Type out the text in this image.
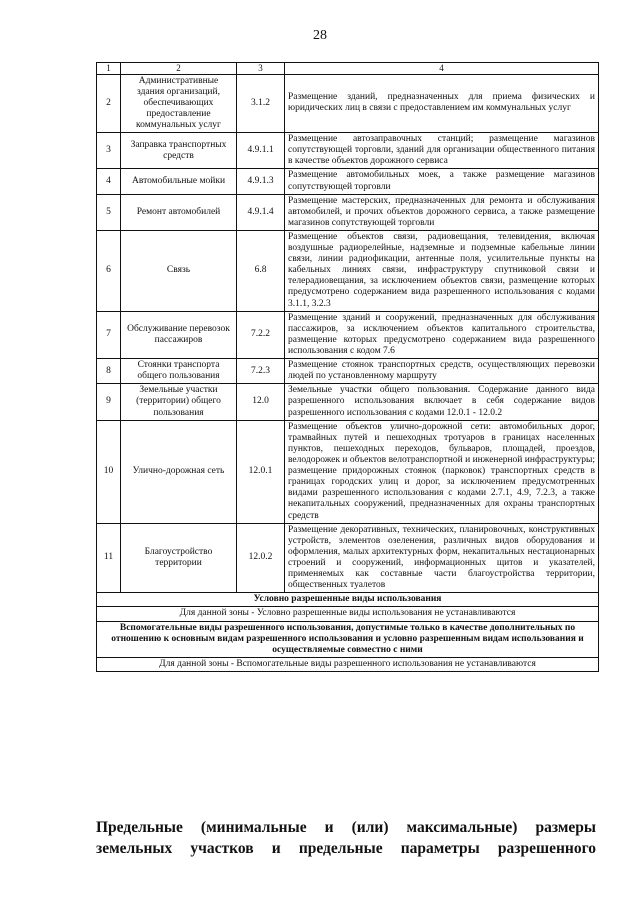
28
1	2	3	4
2	Административные здания организаций, обеспечивающих предоставление коммунальных услуг	3.1.2	Размещение зданий, предназначенных для приема физических и юридических лиц в связи с предоставлением им коммунальных услуг
3	Заправка транспортных средств	4.9.1.1	Размещение автозаправочных станций; размещение магазинов сопутствующей торговли, зданий для организации общественного питания в качестве объектов дорожного сервиса
4	Автомобильные мойки	4.9.1.3	Размещение автомобильных моек, а также размещение магазинов сопутствующей торговли
5	Ремонт автомобилей	4.9.1.4	Размещение мастерских, предназначенных для ремонта и обслуживания автомобилей, и прочих объектов дорожного сервиса, а также размещение магазинов сопутствующей торговли
6	Связь	6.8	Размещение объектов связи, радиовещания, телевидения, включая воздушные радиорелейные, надземные и подземные кабельные линии связи, линии радиофикации, антенные поля, усилительные пункты на кабельных линиях связи, инфраструктуру спутниковой связи и телерадиовещания, за исключением объектов связи, размещение которых предусмотрено содержанием вида разрешенного использования с кодами 3.1.1, 3.2.3
7	Обслуживание перевозок пассажиров	7.2.2	Размещение зданий и сооружений, предназначенных для обслуживания пассажиров, за исключением объектов капитального строительства, размещение которых предусмотрено содержанием вида разрешенного использования с кодом 7.6
8	Стоянки транспорта общего пользования	7.2.3	Размещение стоянок транспортных средств, осуществляющих перевозки людей по установленному маршруту
9	Земельные участки (территории) общего пользования	12.0	Земельные участки общего пользования. Содержание данного вида разрешенного использования включает в себя содержание видов разрешенного использования с кодами 12.0.1 - 12.0.2
10	Улично-дорожная сеть	12.0.1	Размещение объектов улично-дорожной сети: автомобильных дорог, трамвайных путей и пешеходных тротуаров в границах населенных пунктов, пешеходных переходов, бульваров, площадей, проездов, велодорожек и объектов велотранспортной и инженерной инфраструктуры; размещение придорожных стоянок (парковок) транспортных средств в границах городских улиц и дорог, за исключением предусмотренных видами разрешенного использования с кодами 2.7.1, 4.9, 7.2.3, а также некапитальных сооружений, предназначенных для охраны транспортных средств
11	Благоустройство территории	12.0.2	Размещение декоративных, технических, планировочных, конструктивных устройств, элементов озеленения, различных видов оборудования и оформления, малых архитектурных форм, некапитальных нестационарных строений и сооружений, информационных щитов и указателей, применяемых как составные части благоустройства территории, общественных туалетов
Условно разрешенные виды использования			
Для данной зоны - Условно разрешенные виды использования не устанавливаются			
Вспомогательные виды разрешенного использования, допустимые только в качестве дополнительных по отношению к основным видам разрешенного использования и условно разрешенным видам использования и осуществляемые совместно с ними			
Для данной зоны - Вспомогательные виды разрешенного использования не устанавливаются			
Предельные (минимальные и (или) максимальные) размеры
земельных участков и предельные параметры разрешенного
